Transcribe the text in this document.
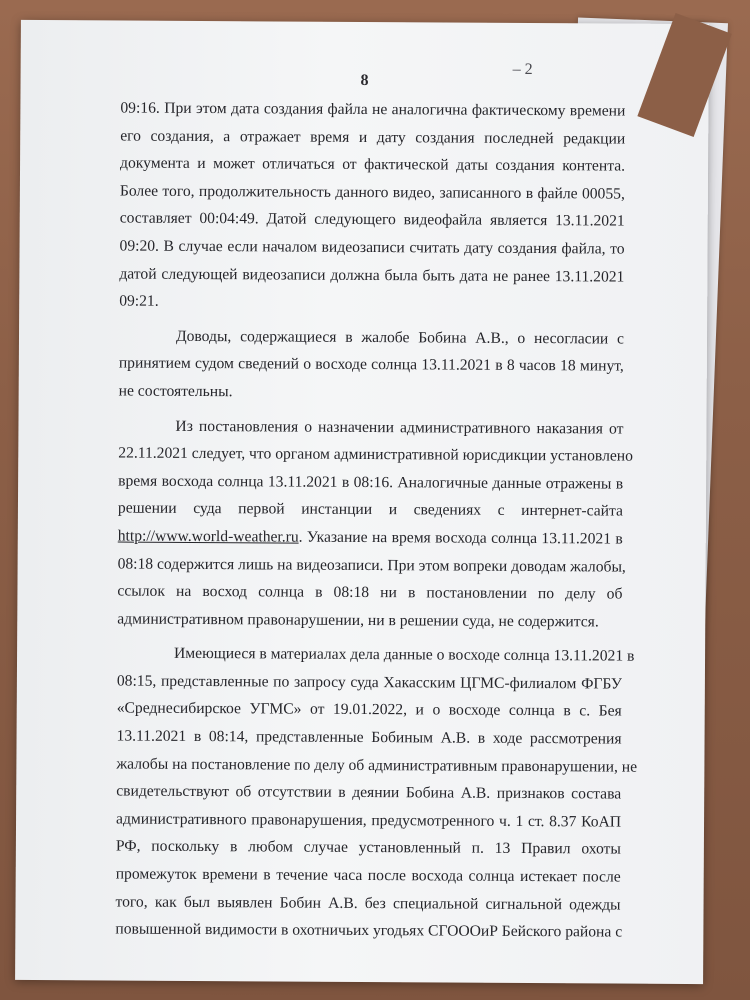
– 2
8
09:16. При этом дата создания файла не аналогична фактическому времени
его создания, а отражает время и дату создания последней редакции
документа и может отличаться от фактической даты создания контента.
Более того, продолжительность данного видео, записанного в файле 00055,
составляет 00:04:49. Датой следующего видеофайла является 13.11.2021
09:20. В случае если началом видеозаписи считать дату создания файла, то
датой следующей видеозаписи должна была быть дата не ранее 13.11.2021
09:21.
Доводы, содержащиеся в жалобе Бобина А.В., о несогласии с
принятием судом сведений о восходе солнца 13.11.2021 в 8 часов 18 минут,
не состоятельны.
Из постановления о назначении административного наказания от
22.11.2021 следует, что органом административной юрисдикции установлено
время восхода солнца 13.11.2021 в 08:16. Аналогичные данные отражены в
решении суда первой инстанции и сведениях с интернет-сайта
http://www.world-weather.ru. Указание на время восхода солнца 13.11.2021 в
08:18 содержится лишь на видеозаписи. При этом вопреки доводам жалобы,
ссылок на восход солнца в 08:18 ни в постановлении по делу об
административном правонарушении, ни в решении суда, не содержится.
Имеющиеся в материалах дела данные о восходе солнца 13.11.2021 в
08:15, представленные по запросу суда Хакасским ЦГМС-филиалом ФГБУ
«Среднесибирское УГМС» от 19.01.2022, и о восходе солнца в с. Бея
13.11.2021 в 08:14, представленные Бобиным А.В. в ходе рассмотрения
жалобы на постановление по делу об административным правонарушении, не
свидетельствуют об отсутствии в деянии Бобина А.В. признаков состава
административного правонарушения, предусмотренного ч. 1 ст. 8.37 КоАП
РФ, поскольку в любом случае установленный п. 13 Правил охоты
промежуток времени в течение часа после восхода солнца истекает после
того, как был выявлен Бобин А.В. без специальной сигнальной одежды
повышенной видимости в охотничьих угодьях СГОООиР Бейского района с
